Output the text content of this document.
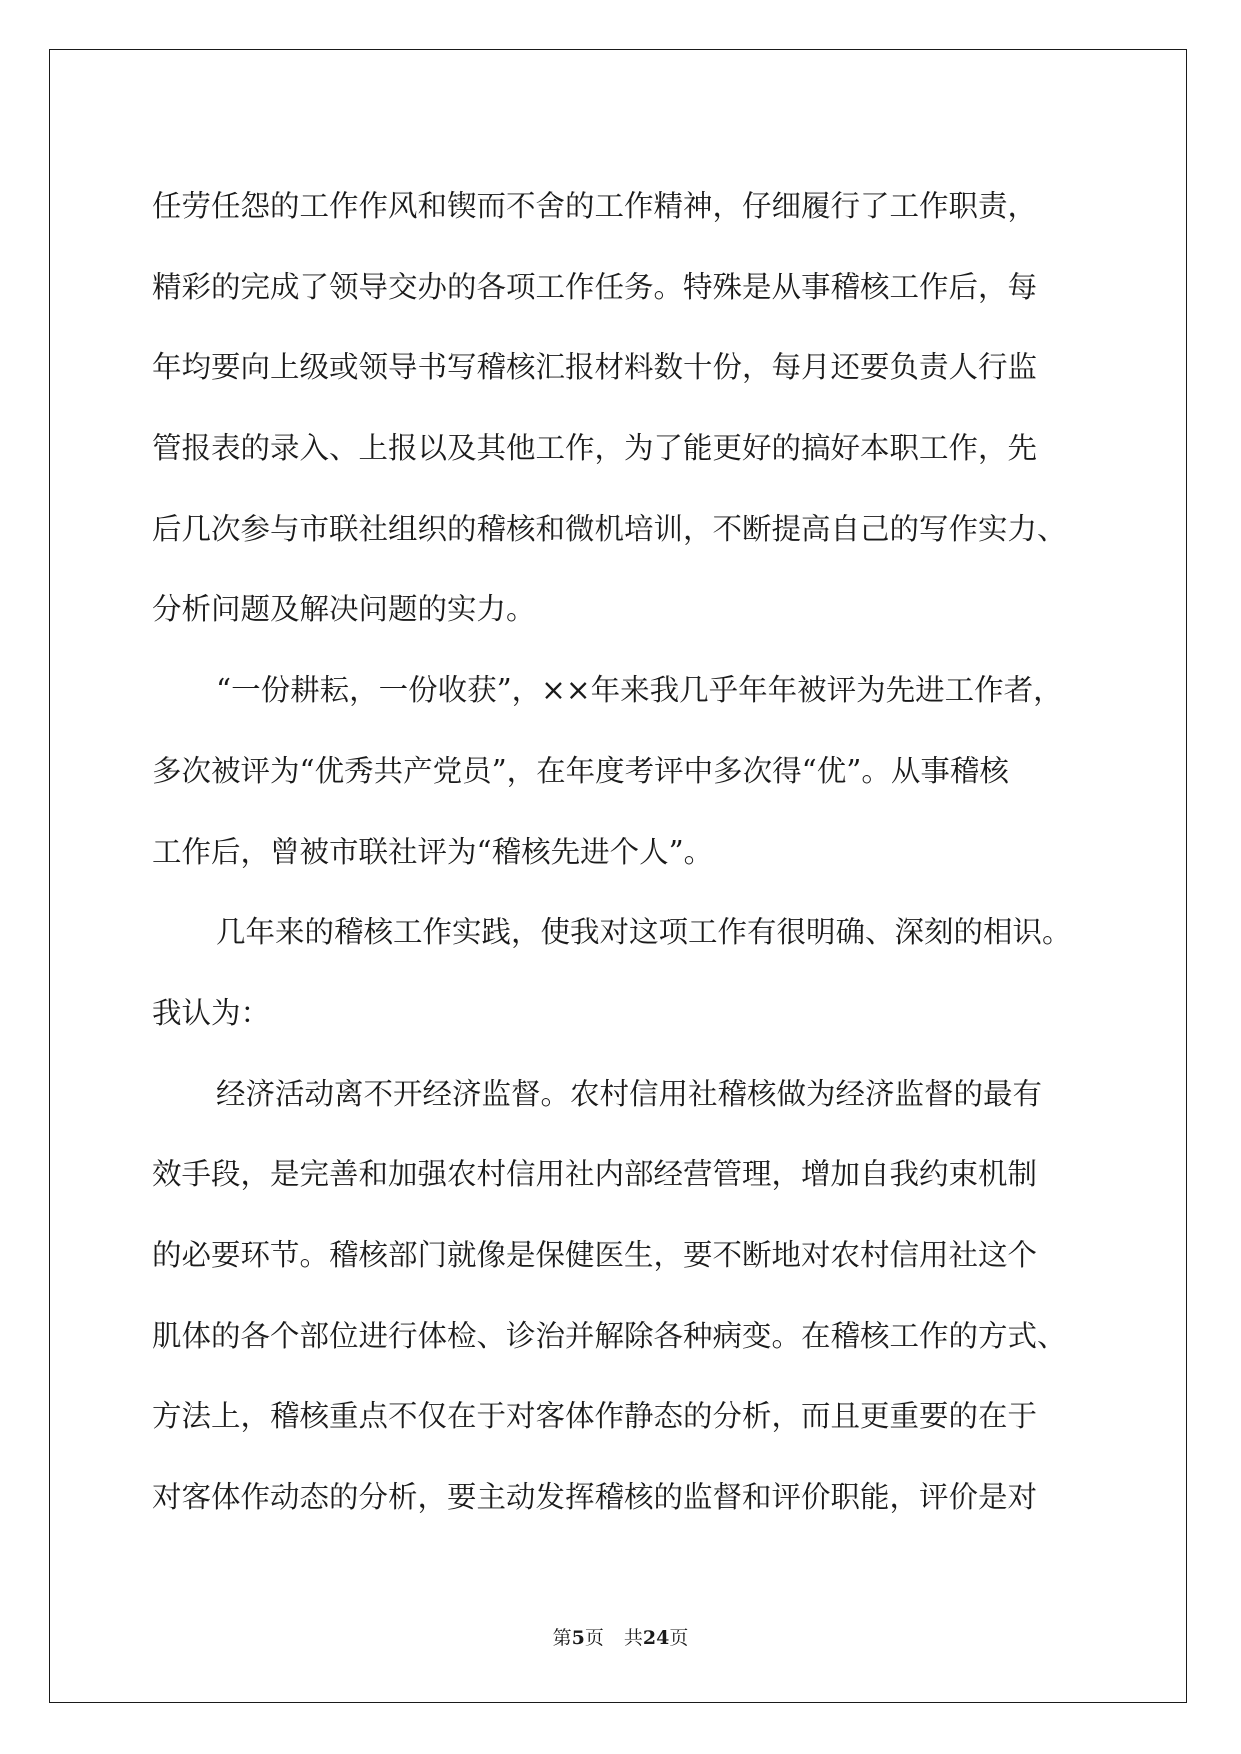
任劳任怨的工作作风和锲而不舍的工作精神，仔细履行了工作职责，
精彩的完成了领导交办的各项工作任务。特殊是从事稽核工作后，每
年均要向上级或领导书写稽核汇报材料数十份，每月还要负责人行监
管报表的录入、上报以及其他工作，为了能更好的搞好本职工作，先
后几次参与市联社组织的稽核和微机培训，不断提高自己的写作实力、
分析问题及解决问题的实力。
“一份耕耘，一份收获”，××年来我几乎年年被评为先进工作者，
多次被评为“优秀共产党员”，在年度考评中多次得“优”。从事稽核
工作后，曾被市联社评为“稽核先进个人”。
几年来的稽核工作实践，使我对这项工作有很明确、深刻的相识。
我认为：
经济活动离不开经济监督。农村信用社稽核做为经济监督的最有
效手段，是完善和加强农村信用社内部经营管理，增加自我约束机制
的必要环节。稽核部门就像是保健医生，要不断地对农村信用社这个
肌体的各个部位进行体检、诊治并解除各种病变。在稽核工作的方式、
方法上，稽核重点不仅在于对客体作静态的分析，而且更重要的在于
对客体作动态的分析，要主动发挥稽核的监督和评价职能，评价是对
第5页 共24页
